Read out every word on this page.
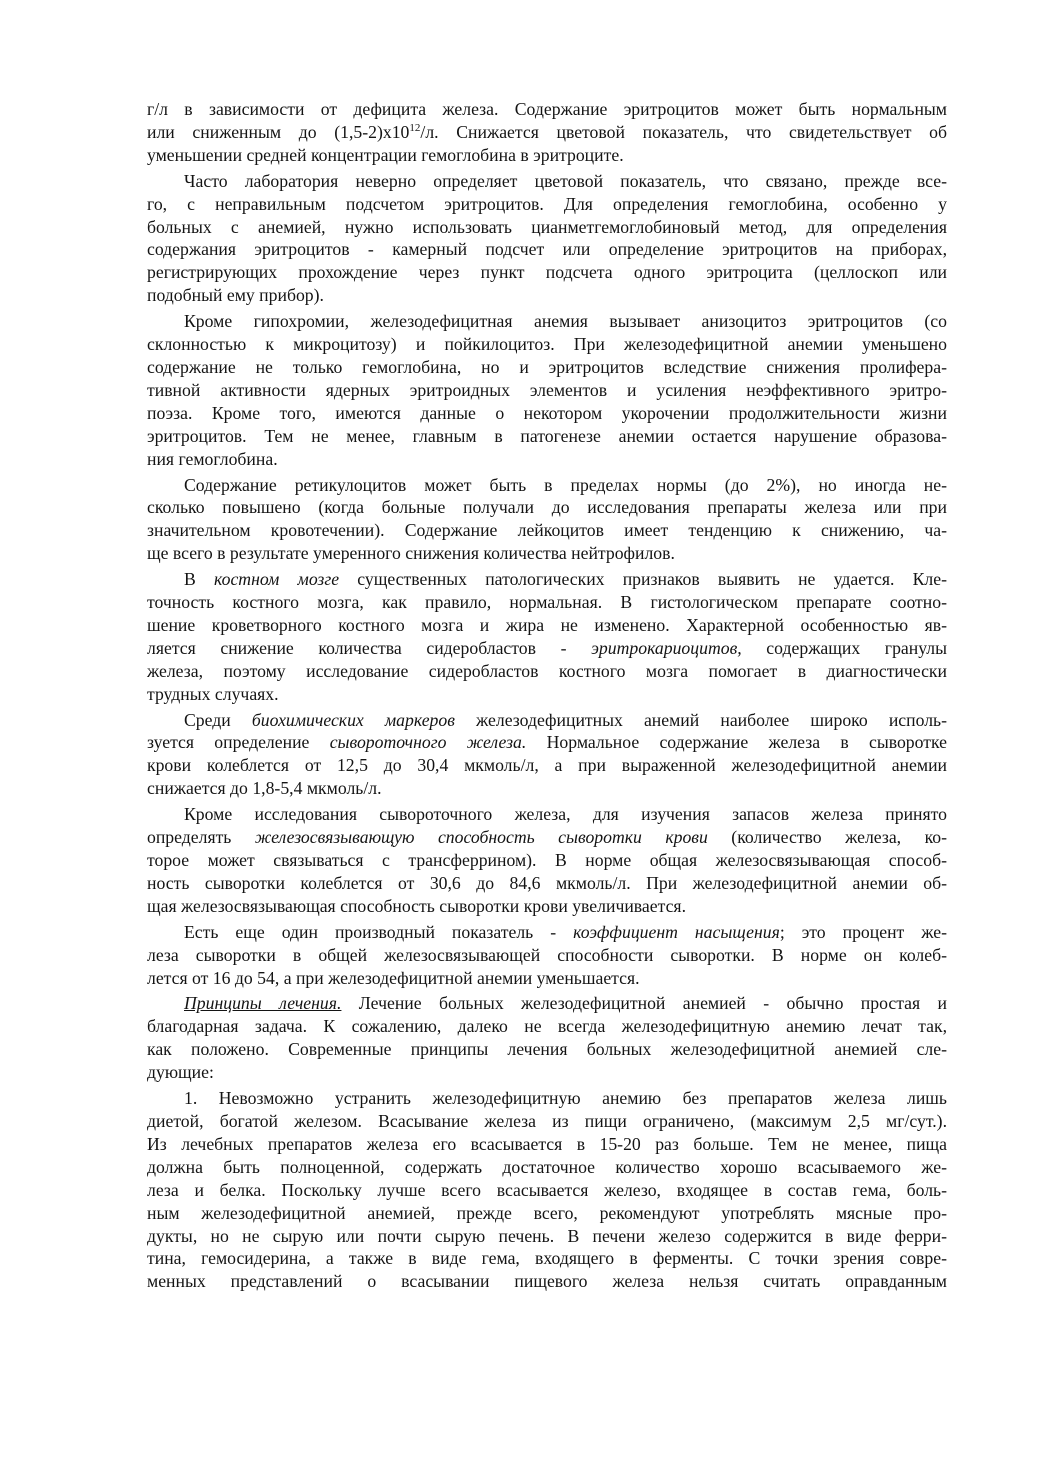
г/л в зависимости от дефицита железа. Содержание эритроцитов может быть нормальным
или сниженным до $(1,5-2)х10^{12}/л$. Снижается цветовой показатель, что свидетельствует об
уменьшении средней концентрации гемоглобина в эритроците.
Часто лаборатория неверно определяет цветовой показатель, что связано, прежде все-
го, с неправильным подсчетом эритроцитов. Для определения гемоглобина, особенно у
больных с анемией, нужно использовать цианметгемоглобиновый метод, для определения
содержания эритроцитов - камерный подсчет или определение эритроцитов на приборах,
регистрирующих прохождение через пункт подсчета одного эритроцита (целлоскоп или
подобный ему прибор).
Кроме гипохромии, железодефицитная анемия вызывает анизоцитоз эритроцитов (со
склонностью к микроцитозу) и пойкилоцитоз. При железодефицитной анемии уменьшено
содержание не только гемоглобина, но и эритроцитов вследствие снижения пролифера-
тивной активности ядерных эритроидных элементов и усиления неэффективного эритро-
поэза. Кроме того, имеются данные о некотором укорочении продолжительности жизни
эритроцитов. Тем не менее, главным в патогенезе анемии остается нарушение образова-
ния гемоглобина.
Содержание ретикулоцитов может быть в пределах нормы (до 2%), но иногда не-
сколько повышено (когда больные получали до исследования препараты железа или при
значительном кровотечении). Содержание лейкоцитов имеет тенденцию к снижению, ча-
ще всего в результате умеренного снижения количества нейтрофилов.
В костном мозге существенных патологических признаков выявить не удается. Кле-
точность костного мозга, как правило, нормальная. В гистологическом препарате соотно-
шение кроветворного костного мозга и жира не изменено. Характерной особенностью яв-
ляется снижение количества сидеробластов - эритрокариоцитов, содержащих гранулы
железа, поэтому исследование сидеробластов костного мозга помогает в диагностически
трудных случаях.
Среди биохимических маркеров железодефицитных анемий наиболее широко исполь-
зуется определение сывороточного железа. Нормальное содержание железа в сыворотке
крови колеблется от 12,5 до 30,4 мкмоль/л, а при выраженной железодефицитной анемии
снижается до 1,8-5,4 мкмоль/л.
Кроме исследования сывороточного железа, для изучения запасов железа принято
определять железосвязывающую способность сыворотки крови (количество железа, ко-
торое может связываться с трансферрином). В норме общая железосвязывающая способ-
ность сыворотки колеблется от 30,6 до 84,6 мкмоль/л. При железодефицитной анемии об-
щая железосвязывающая способность сыворотки крови увеличивается.
Есть еще один производный показатель - коэффициент насыщения; это процент же-
леза сыворотки в общей железосвязывающей способности сыворотки. В норме он колеб-
лется от 16 до 54, а при железодефицитной анемии уменьшается.
Принципы лечения. Лечение больных железодефицитной анемией - обычно простая и
благодарная задача. К сожалению, далеко не всегда железодефицитную анемию лечат так,
как положено. Современные принципы лечения больных железодефицитной анемией сле-
дующие:
1. Невозможно устранить железодефицитную анемию без препаратов железа лишь
диетой, богатой железом. Всасывание железа из пищи ограничено, (максимум 2,5 мг/сут.).
Из лечебных препаратов железа его всасывается в 15-20 раз больше. Тем не менее, пища
должна быть полноценной, содержать достаточное количество хорошо всасываемого же-
леза и белка. Поскольку лучше всего всасывается железо, входящее в состав гема, боль-
ным железодефицитной анемией, прежде всего, рекомендуют употреблять мясные про-
дукты, но не сырую или почти сырую печень. В печени железо содержится в виде ферри-
тина, гемосидерина, а также в виде гема, входящего в ферменты. С точки зрения совре-
менных представлений о всасывании пищевого железа нельзя считать оправданным
